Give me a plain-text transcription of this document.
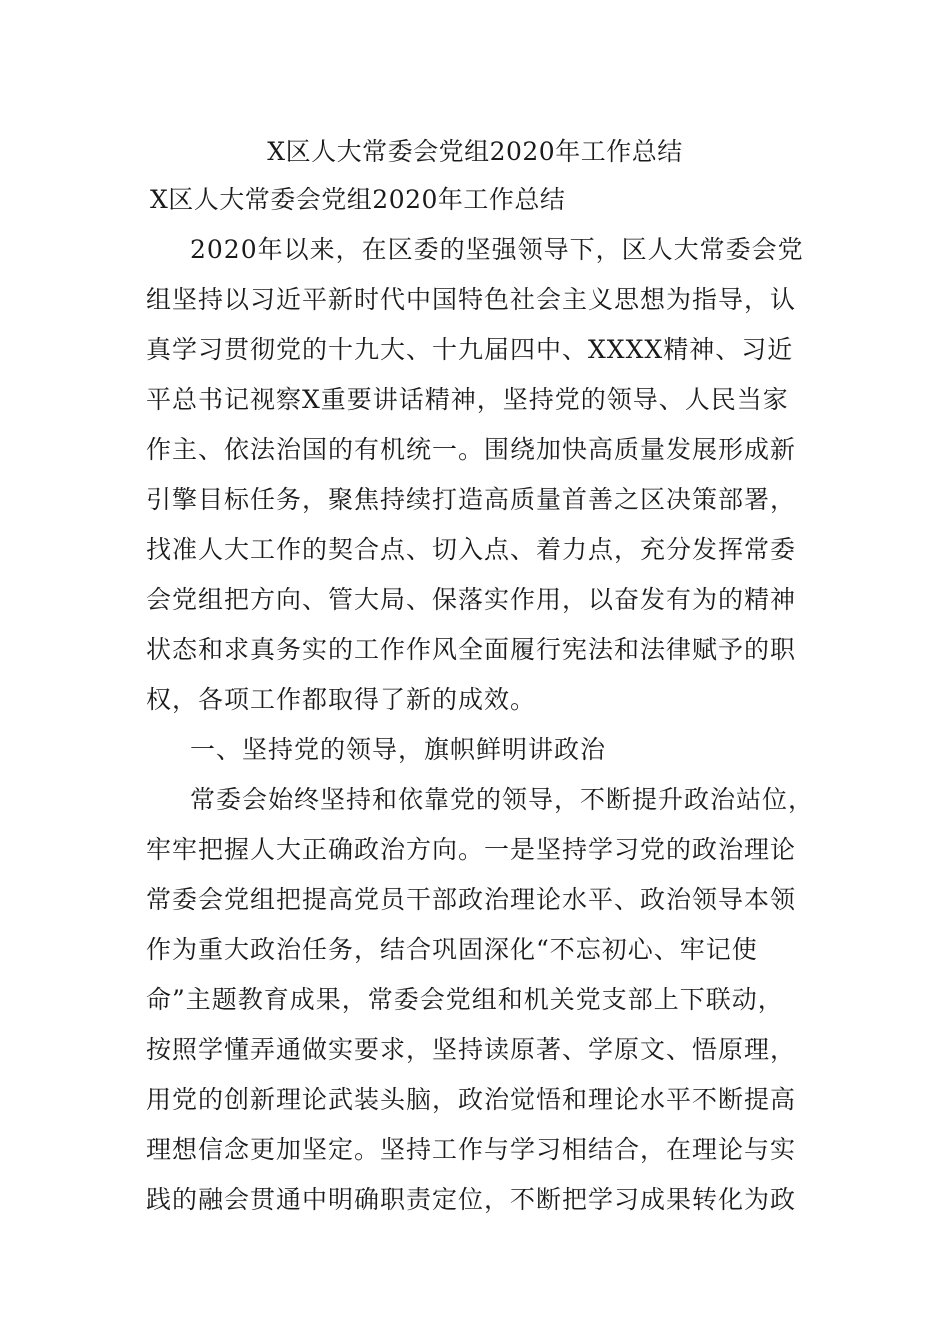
X区人大常委会党组2020年工作总结
X区人大常委会党组2020年工作总结
2020年以来，在区委的坚强领导下，区人大常委会党
组坚持以习近平新时代中国特色社会主义思想为指导，认
真学习贯彻党的十九大、十九届四中、XXXX精神、习近
平总书记视察X重要讲话精神，坚持党的领导、人民当家
作主、依法治国的有机统一。围绕加快高质量发展形成新
引擎目标任务，聚焦持续打造高质量首善之区决策部署，
找准人大工作的契合点、切入点、着力点，充分发挥常委
会党组把方向、管大局、保落实作用，以奋发有为的精神
状态和求真务实的工作作风全面履行宪法和法律赋予的职
权，各项工作都取得了新的成效。
一、坚持党的领导，旗帜鲜明讲政治
常委会始终坚持和依靠党的领导，不断提升政治站位，
牢牢把握人大正确政治方向。一是坚持学习党的政治理论
常委会党组把提高党员干部政治理论水平、政治领导本领
作为重大政治任务，结合巩固深化“不忘初心、牢记使
命”主题教育成果，常委会党组和机关党支部上下联动，
按照学懂弄通做实要求，坚持读原著、学原文、悟原理，
用党的创新理论武装头脑，政治觉悟和理论水平不断提高
理想信念更加坚定。坚持工作与学习相结合，在理论与实
践的融会贯通中明确职责定位，不断把学习成果转化为政
